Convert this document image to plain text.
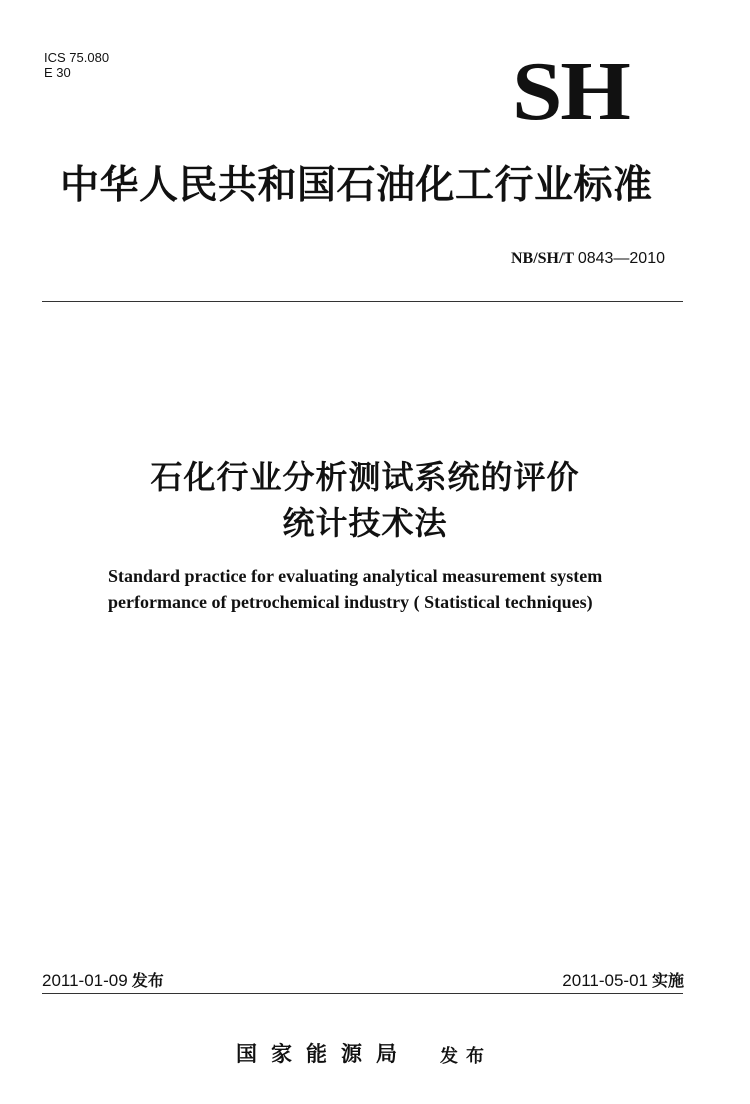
ICS 75.080
E 30	SH
中华人民共和国石油化工行业标准
NB/SH/T 0843—2010
石化行业分析测试系统的评价
统计技术法
Standard practice for evaluating analytical measurement system
performance of petrochemical industry ( Statistical techniques)
2011-01-09 发布	2011-05-01 实施
国家能源局 发布
